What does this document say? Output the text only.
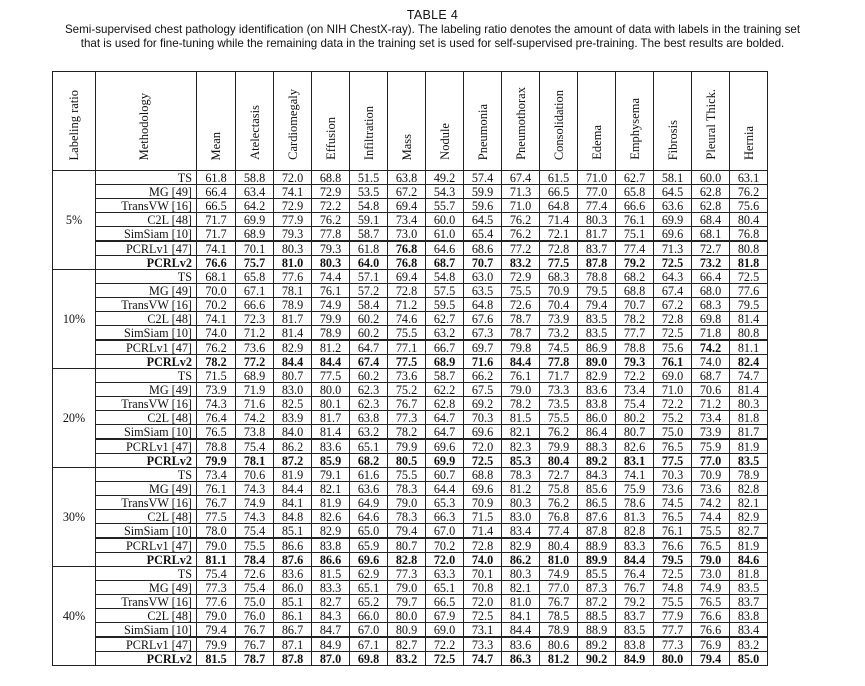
TABLE 4
Semi-supervised chest pathology identification (on NIH ChestX-ray). The labeling ratio denotes the amount of data with labels in the training set
that is used for fine-tuning while the remaining data in the training set is used for self-supervised pre-training. The best results are bolded.
Labeling ratio	Methodology	Mean	Atelectasis	Cardiomegaly	Effusion	Infiltration	Mass	Nodule	Pneumonia	Pneumothorax	Consolidation	Edema	Emphysema	Fibrosis	Pleural Thick.	Hernia
5%	TS	61.8	58.8	72.0	68.8	51.5	63.8	49.2	57.4	67.4	61.5	71.0	62.7	58.1	60.0	63.1
	MG [49]	66.4	63.4	74.1	72.9	53.5	67.2	54.3	59.9	71.3	66.5	77.0	65.8	64.5	62.8	76.2
	TransVW [16]	66.5	64.2	72.9	72.2	54.8	69.4	55.7	59.6	71.0	64.8	77.4	66.6	63.6	62.8	75.6
	C2L [48]	71.7	69.9	77.9	76.2	59.1	73.4	60.0	64.5	76.2	71.4	80.3	76.1	69.9	68.4	80.4
	SimSiam [10]	71.7	68.9	79.3	77.8	58.7	73.0	61.0	65.4	76.2	72.1	81.7	75.1	69.6	68.1	76.8
	PCRLv1 [47]	74.1	70.1	80.3	79.3	61.8	76.8	64.6	68.6	77.2	72.8	83.7	77.4	71.3	72.7	80.8
	PCRLv2	76.6	75.7	81.0	80.3	64.0	76.8	68.7	70.7	83.2	77.5	87.8	79.2	72.5	73.2	81.8
10%	TS	68.1	65.8	77.6	74.4	57.1	69.4	54.8	63.0	72.9	68.3	78.8	68.2	64.3	66.4	72.5
	MG [49]	70.0	67.1	78.1	76.1	57.2	72.8	57.5	63.5	75.5	70.9	79.5	68.8	67.4	68.0	77.6
	TransVW [16]	70.2	66.6	78.9	74.9	58.4	71.2	59.5	64.8	72.6	70.4	79.4	70.7	67.2	68.3	79.5
	C2L [48]	74.1	72.3	81.7	79.9	60.2	74.6	62.7	67.6	78.7	73.9	83.5	78.2	72.8	69.8	81.4
	SimSiam [10]	74.0	71.2	81.4	78.9	60.2	75.5	63.2	67.3	78.7	73.2	83.5	77.7	72.5	71.8	80.8
	PCRLv1 [47]	76.2	73.6	82.9	81.2	64.7	77.1	66.7	69.7	79.8	74.5	86.9	78.8	75.6	74.2	81.1
	PCRLv2	78.2	77.2	84.4	84.4	67.4	77.5	68.9	71.6	84.4	77.8	89.0	79.3	76.1	74.0	82.4
20%	TS	71.5	68.9	80.7	77.5	60.2	73.6	58.7	66.2	76.1	71.7	82.9	72.2	69.0	68.7	74.7
	MG [49]	73.9	71.9	83.0	80.0	62.3	75.2	62.2	67.5	79.0	73.3	83.6	73.4	71.0	70.6	81.4
	TransVW [16]	74.3	71.6	82.5	80.1	62.3	76.7	62.8	69.2	78.2	73.5	83.8	75.4	72.2	71.2	80.3
	C2L [48]	76.4	74.2	83.9	81.7	63.8	77.3	64.7	70.3	81.5	75.5	86.0	80.2	75.2	73.4	81.8
	SimSiam [10]	76.5	73.8	84.0	81.4	63.2	78.2	64.7	69.6	82.1	76.2	86.4	80.7	75.0	73.9	81.7
	PCRLv1 [47]	78.8	75.4	86.2	83.6	65.1	79.9	69.6	72.0	82.3	79.9	88.3	82.6	76.5	75.9	81.9
	PCRLv2	79.9	78.1	87.2	85.9	68.2	80.5	69.9	72.5	85.3	80.4	89.2	83.1	77.5	77.0	83.5
30%	TS	73.4	70.6	81.9	79.1	61.6	75.5	60.7	68.8	78.3	72.7	84.3	74.1	70.3	70.9	78.9
	MG [49]	76.1	74.3	84.4	82.1	63.6	78.3	64.4	69.6	81.2	75.8	85.6	75.9	73.6	73.6	82.8
	TransVW [16]	76.7	74.9	84.1	81.9	64.9	79.0	65.3	70.9	80.3	76.2	86.5	78.6	74.5	74.2	82.1
	C2L [48]	77.5	74.3	84.8	82.6	64.6	78.3	66.3	71.5	83.0	76.8	87.6	81.3	76.5	74.4	82.9
	SimSiam [10]	78.0	75.4	85.1	82.9	65.0	79.4	67.0	71.4	83.4	77.4	87.8	82.8	76.1	75.5	82.7
	PCRLv1 [47]	79.0	75.5	86.6	83.8	65.9	80.7	70.2	72.8	82.9	80.4	88.9	83.3	76.6	76.5	81.9
	PCRLv2	81.1	78.4	87.6	86.6	69.6	82.8	72.0	74.0	86.2	81.0	89.9	84.4	79.5	79.0	84.6
40%	TS	75.4	72.6	83.6	81.5	62.9	77.3	63.3	70.1	80.3	74.9	85.5	76.4	72.5	73.0	81.8
	MG [49]	77.3	75.4	86.0	83.3	65.1	79.0	65.1	70.8	82.1	77.0	87.3	76.7	74.8	74.9	83.5
	TransVW [16]	77.6	75.0	85.1	82.7	65.2	79.7	66.5	72.0	81.0	76.7	87.2	79.2	75.5	76.5	83.7
	C2L [48]	79.0	76.0	86.1	84.3	66.0	80.0	67.9	72.5	84.1	78.5	88.5	83.7	77.9	76.6	83.8
	SimSiam [10]	79.4	76.7	86.7	84.7	67.0	80.9	69.0	73.1	84.4	78.9	88.9	83.5	77.7	76.6	83.4
	PCRLv1 [47]	79.9	76.7	87.1	84.9	67.1	82.7	72.2	73.3	83.6	80.6	89.2	83.8	77.3	76.9	83.2
	PCRLv2	81.5	78.7	87.8	87.0	69.8	83.2	72.5	74.7	86.3	81.2	90.2	84.9	80.0	79.4	85.0
